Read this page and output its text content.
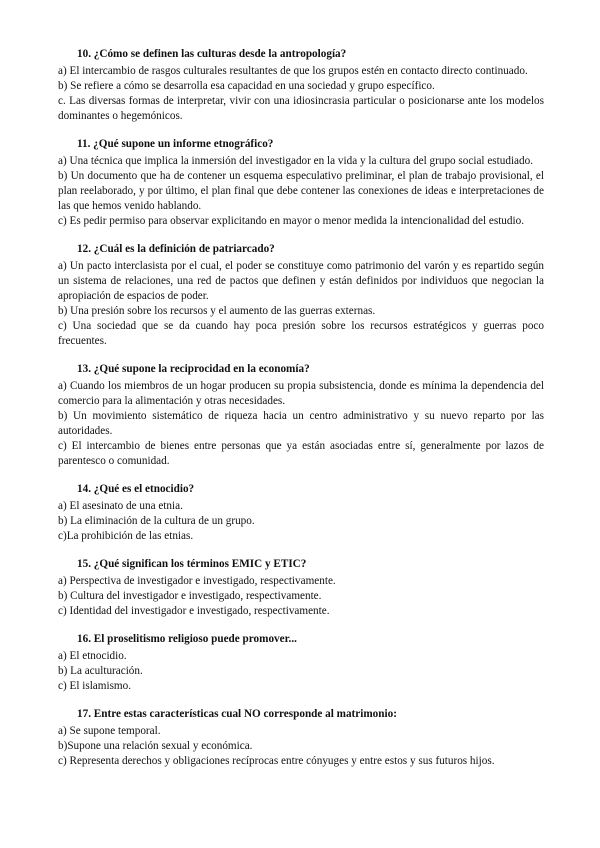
10. ¿Cómo se definen las culturas desde la antropología?

a) El intercambio de rasgos culturales resultantes de que los grupos estén en contacto directo continuado.

b) Se refiere a cómo se desarrolla esa capacidad en una sociedad y grupo específico.

c. Las diversas formas de interpretar, vivir con una idiosincrasia particular o posicionarse ante los modelos dominantes o hegemónicos.

11. ¿Qué supone un informe etnográfico?

a) Una técnica que implica la inmersión del investigador en la vida y la cultura del grupo social estudiado.

b) Un documento que ha de contener un esquema especulativo preliminar, el plan de trabajo provisional, el plan reelaborado, y por último, el plan final que debe contener las conexiones de ideas e interpretaciones de las que hemos venido hablando.

c) Es pedir permiso para observar explicitando en mayor o menor medida la intencionalidad del estudio.

12. ¿Cuál es la definición de patriarcado?

a) Un pacto interclasista por el cual, el poder se constituye como patrimonio del varón y es repartido según un sistema de relaciones, una red de pactos que definen y están definidos por individuos que negocian la apropiación de espacios de poder.

b) Una presión sobre los recursos y el aumento de las guerras externas.

c) Una sociedad que se da cuando hay poca presión sobre los recursos estratégicos y guerras poco frecuentes.

13. ¿Qué supone la reciprocidad en la economía?

a) Cuando los miembros de un hogar producen su propia subsistencia, donde es mínima la dependencia del comercio para la alimentación y otras necesidades.

b) Un movimiento sistemático de riqueza hacia un centro administrativo y su nuevo reparto por las autoridades.

c) El intercambio de bienes entre personas que ya están asociadas entre sí, generalmente por lazos de parentesco o comunidad.

14. ¿Qué es el etnocidio?

a) El asesinato de una etnia.

b) La eliminación de la cultura de un grupo.

c)La prohibición de las etnias.

15. ¿Qué significan los términos EMIC y ETIC?

a) Perspectiva de investigador e investigado, respectivamente.

b) Cultura del investigador e investigado, respectivamente.

c) Identidad del investigador e investigado, respectivamente.

16. El proselitismo religioso puede promover...

a) El etnocidio.

b) La aculturación.

c) El islamismo.

17. Entre estas características cual NO corresponde al matrimonio:

a) Se supone temporal.

b)Supone una relación sexual y económica.

c) Representa derechos y obligaciones recíprocas entre cónyuges y entre estos y sus futuros hijos.
